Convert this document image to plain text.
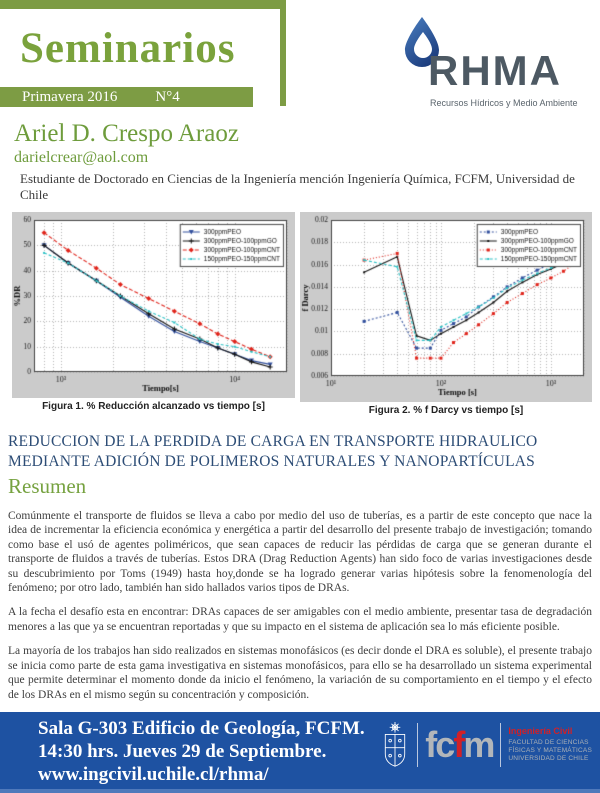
Seminarios
Primavera 2016	N°4
RHMA
Recursos Hídricos y Medio Ambiente
Ariel D. Crespo Araoz
darielcrear@aol.com
Estudiante de Doctorado en Ciencias de la Ingeniería mención Ingeniería Química, FCFM, Universidad de Chile
Figura 1. % Reducción alcanzado vs tiempo [s]	Figura 2. % f Darcy vs tiempo [s]
REDUCCION DE LA PERDIDA DE CARGA EN TRANSPORTE HIDRAULICO MEDIANTE ADICIÓN DE POLIMEROS NATURALES Y NANOPARTÍCULAS
Resumen

Comúnmente el transporte de fluidos se lleva a cabo por medio del uso de tuberías, es a partir de este concepto que nace la idea de incrementar la eficiencia económica y energética a partir del desarrollo del presente trabajo de investigación; tomando como base el usó de agentes poliméricos, que sean capaces de reducir las pérdidas de carga que se generan durante el transporte de fluidos a través de tuberías. Estos DRA (Drag Reduction Agents) han sido foco de varias investigaciones desde su descubrimiento por Toms (1949) hasta hoy,donde se ha logrado generar varias hipótesis sobre la fenomenología del fenómeno; por otro lado, también han sido hallados varios tipos de DRAs.

A la fecha el desafío esta en encontrar: DRAs capaces de ser amigables con el medio ambiente, presentar tasa de degradación menores a las que ya se encuentran reportadas y que su impacto en el sistema de aplicación sea lo más eficiente posible.

La mayoría de los trabajos han sido realizados en sistemas monofásicos (es decir donde el DRA es soluble), el presente trabajo se inicia como parte de esta gama investigativa en sistemas monofásicos, para ello se ha desarrollado un sistema experimental que permite determinar el momento donde da inicio el fenómeno, la variación de su comportamiento en el tiempo y el efecto de los DRAs en el mismo según su concentración y composición.

Sala G-303 Edificio de Geología, FCFM.
14:30 hrs. Jueves 29 de Septiembre.
www.ingcivil.uchile.cl/rhma/
fcfm Ingeniería Civil
FACULTAD DE CIENCIAS
FÍSICAS Y MATEMÁTICAS
UNIVERSIDAD DE CHILE
